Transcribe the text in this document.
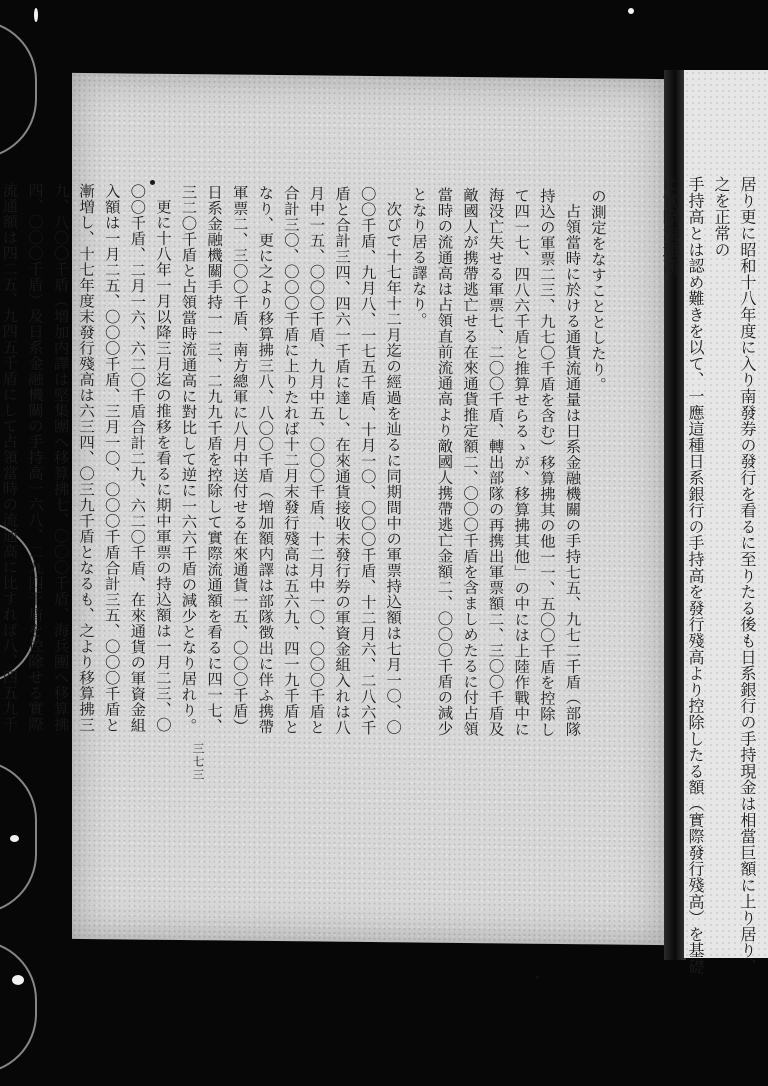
の測定をなすこととしたり。

占領當時に於ける通貨流通量は日系金融機關の手持七五、九七二千盾（部隊持込の軍票二三、九七〇千盾を含む）移算拂其の他一一、五〇〇千盾を控除して四一七、四八六千盾と推算せらるゝが、移算拂其他」の中には上陸作戰中に海没亡失せる軍票七、二〇〇千盾、轉出部隊の再携出軍票額二、三〇〇千盾及敵國人が携帶逃亡せる在來通貨推定額二、〇〇〇千盾を含ましめたるに付占領當時の流通高は占領直前流通高より敵國人携帶逃亡金額二、〇〇〇千盾の減少となり居る譯なり。

次びで十七年十二月迄の經過を辿るに同期間中の軍票持込額は七月一〇、〇〇〇千盾、九月八、一七五千盾、十月一〇、〇〇〇千盾、十二月六、二八六千盾と合計三四、四六一千盾に達し、在來通貨接收未發行券の軍資金組入れは八月中一五、〇〇〇千盾、九月中五、〇〇〇千盾、十二月中一〇、〇〇〇千盾と合計三〇、〇〇〇千盾に上りたれば十二月末發行殘高は五六九、四一九千盾となり、更に之より移算拂三八、八〇〇千盾（増加額内譯は部隊徴出に伴ふ携帶軍票二、三〇〇千盾、南方總軍に八月中送付せる在來通貨一五、〇〇〇千盾）日系金融機關手持一一三、二九九千盾を控除して實際流通額を看るに四一七、三二〇千盾と占領當時流通高に對比して逆に一六六千盾の減少となり居れり。

更に十八年一月以降三月迄の推移を看るに期中軍票の持込額は一月二三、〇〇〇千盾、二月一六、六二〇千盾合計二九、六二〇千盾、在來通貨の軍資金組入額は一月二五、〇〇〇千盾、三月一〇、〇〇〇千盾合計三五、〇〇〇千盾と漸増し、十七年度末發行殘高は六三四、〇三九千盾となるも、之より移算拂三九、八〇〇千盾（増加内譯は堅集團へ移算拂七、〇〇〇千盾、海兵團へ移算拂四、〇〇〇千盾）及日系金融機關の手持高一六八、二九四千盾を控除せる實際流通額は四二五、九四五千盾にして占領當時の流通高に比すれば八、四五九千盾の膨脹に過ぎざる狀態なり。

三七三	居り更に昭和十八年度に入り南發券の發行を看るに至りたる後も日系銀行の手持現金は相當巨額に上り居り、之を正常の

手持高とは認め難きを以て、一應這種日系銀行の手持高を發行殘高より控除したる額（實際發行殘高）を基礎に實際流通高
